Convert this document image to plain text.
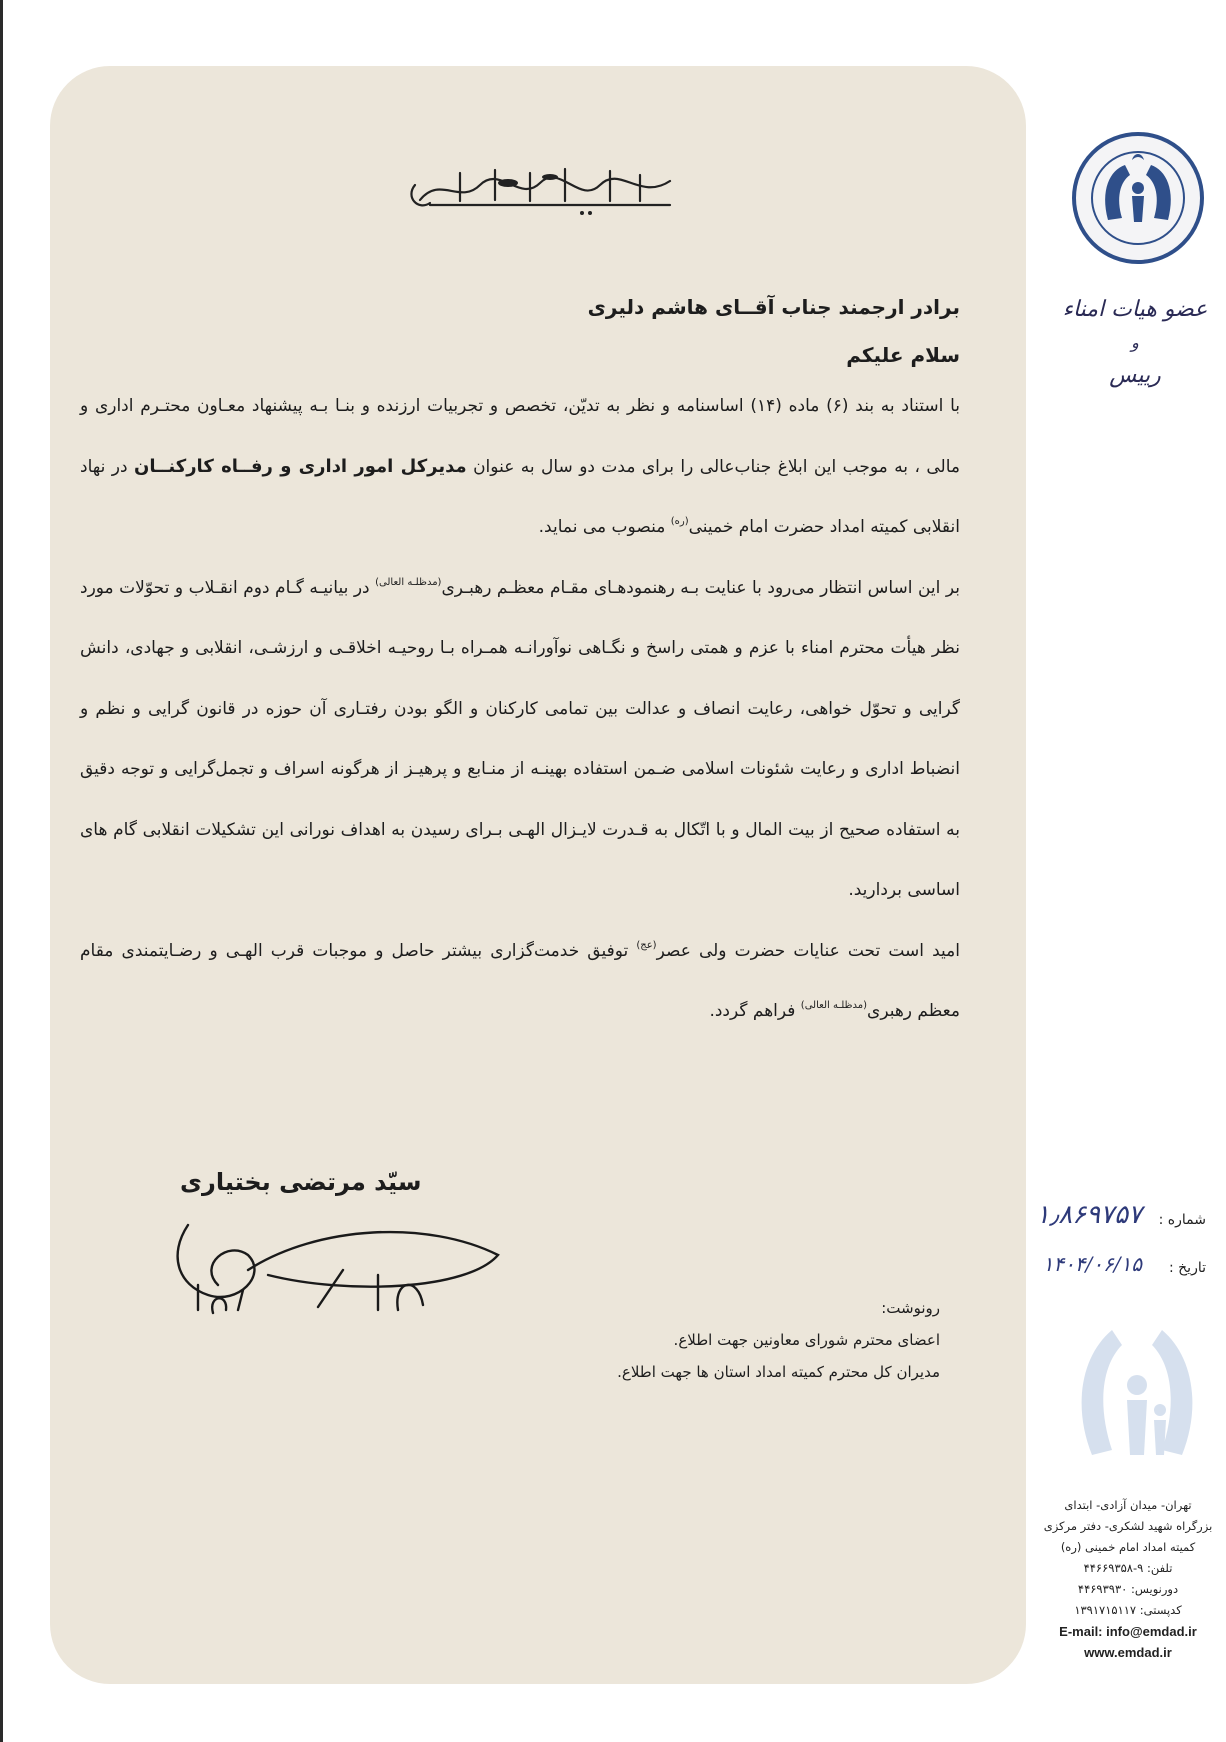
برادر ارجمند جناب آقــای هاشم دلیری

سلام علیکم

با استناد به بند (۶) ماده (۱۴) اساسنامه و نظر به تدیّن، تخصص و تجربیات ارزنده و بنـا بـه پیشنهاد معـاون محتـرم اداری و مالی ، به موجب این ابلاغ جناب‌عالی را برای مدت دو سال به عنوان مدیرکل امور اداری و رفــاه کارکنــان در نهاد انقلابی کمیته امداد حضرت امام خمینی$^{(ره)}$ منصوب می نماید.

بر این اساس انتظار می‌رود با عنایت بـه رهنمودهـای مقـام معظـم رهبـری$^{(مدظلـه العالی)}$ در بیانیـه گـام دوم انقـلاب و تحوّلات مورد نظر هیأت محترم امناء با عزم و همتی راسخ و نگـاهی نوآورانـه همـراه بـا روحیـه اخلاقـی و ارزشـی، انقلابی و جهادی، دانش گرایی و تحوّل خواهی، رعایت انصاف و عدالت بین تمامی کارکنان و الگو بودن رفتـاری آن حوزه در قانون گرایی و نظم و انضباط اداری و رعایت شئونات اسلامی ضـمن استفاده بهینـه از منـابع و پرهیـز از هرگونه اسراف و تجمل‌گرایی و توجه دقیق به استفاده صحیح از بیت المال و با اتّکال به قـدرت لایـزال الهـی بـرای رسیدن به اهداف نورانی این تشکیلات انقلابی گام های اساسی بردارید.

امید است تحت عنایات حضرت ولی عصر$^{(عج)}$ توفیق خدمت‌گزاری بیشتر حاصل و موجبات قرب الهـی و رضـایتمندی مقام معظم رهبری$^{(مدظلـه العالی)}$ فراهم گردد.

سیّد مرتضی بختیاری
رونوشت:
اعضای محترم شورای معاونین جهت اطلاع.
مدیران کل محترم کمیته امداد استان ها جهت اطلاع.
عضو هیات امناء
و
رییس
شماره :
۱٫۸۶۹۷۵۷
تاریخ :
۱۴۰۴/۰۶/۱۵
تهران- میدان آزادی- ابتدای
بزرگراه شهید لشکری- دفتر مرکزی
کمیته امداد امام خمینی (ره)
تلفن: ۹-۴۴۶۶۹۳۵۸
دورنویس: ۴۴۶۹۳۹۳۰
کدپستی: ۱۳۹۱۷۱۵۱۱۷
E-mail: info@emdad.ir
www.emdad.ir
